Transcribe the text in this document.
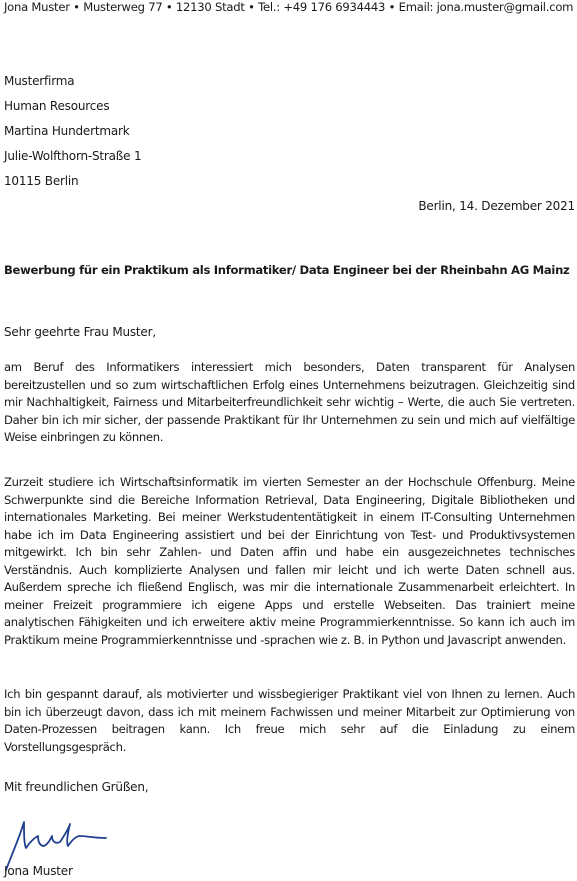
Jona Muster • Musterweg 77 • 12130 Stadt • Tel.: +49 176 6934443 • Email: jona.muster@gmail.com
Musterfirma
Human Resources
Martina Hundertmark
Julie-Wolfthorn-Straße 1
10115 Berlin
Berlin, 14. Dezember 2021
Bewerbung für ein Praktikum als Informatiker/ Data Engineer bei der Rheinbahn AG Mainz
Sehr geehrte Frau Muster,

am Beruf des Informatikers interessiert mich besonders, Daten transparent für Analysen bereitzustellen und so zum wirtschaftlichen Erfolg eines Unternehmens beizutragen. Gleichzeitig sind mir Nachhaltigkeit, Fairness und Mitarbeiterfreundlichkeit sehr wichtig – Werte, die auch Sie vertreten. Daher bin ich mir sicher, der passende Praktikant für Ihr Unternehmen zu sein und mich auf vielfältige Weise einbringen zu können.

Zurzeit studiere ich Wirtschaftsinformatik im vierten Semester an der Hochschule Offenburg. Meine Schwerpunkte sind die Bereiche Information Retrieval, Data Engineering, Digitale Bibliotheken und internationales Marketing. Bei meiner Werkstudententätigkeit in einem IT-Consulting Unternehmen habe ich im Data Engineering assistiert und bei der Einrichtung von Test- und Produktivsystemen mitgewirkt. Ich bin sehr Zahlen- und Daten affin und habe ein ausgezeichnetes technisches Verständnis. Auch komplizierte Analysen und fallen mir leicht und ich werte Daten schnell aus. Außerdem spreche ich fließend Englisch, was mir die internationale Zusammenarbeit erleichtert. In meiner Freizeit programmiere ich eigene Apps und erstelle Webseiten. Das trainiert meine analytischen Fähigkeiten und ich erweitere aktiv meine Programmierkenntnisse. So kann ich auch im Praktikum meine Programmierkenntnisse und -sprachen wie z. B. in Python und Javascript anwenden.

Ich bin gespannt darauf, als motivierter und wissbegieriger Praktikant viel von Ihnen zu lernen. Auch bin ich überzeugt davon, dass ich mit meinem Fachwissen und meiner Mitarbeit zur Optimierung von Daten-Prozessen beitragen kann. Ich freue mich sehr auf die Einladung zu einem Vorstellungsgespräch.

Mit freundlichen Grüßen,
Jona Muster
